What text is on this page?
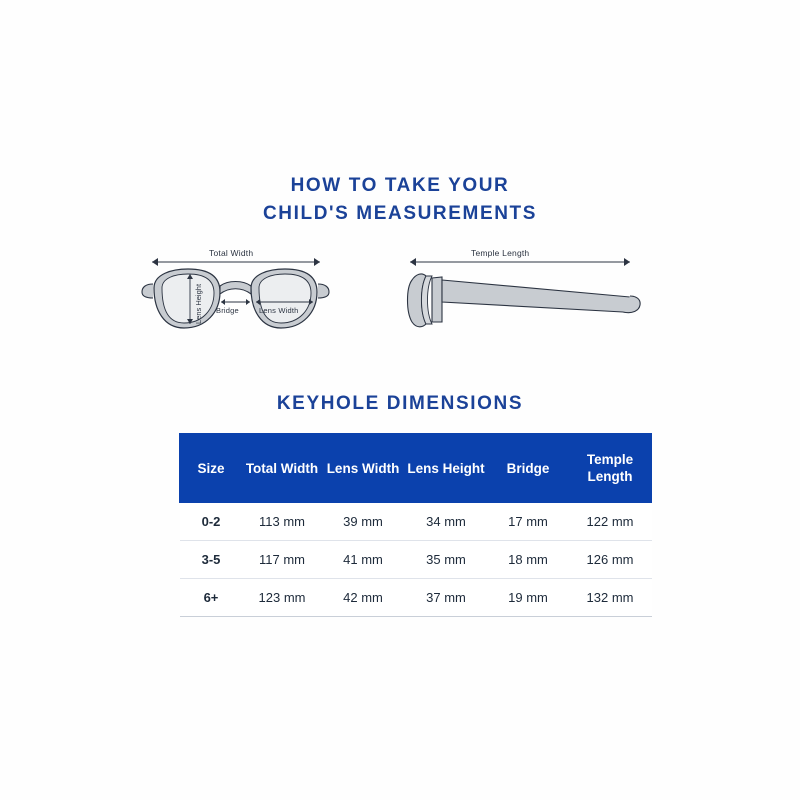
HOW TO TAKE YOUR
CHILD'S MEASUREMENTS
Total Width
Lens Height Bridge	Lens Width
Temple Length
KEYHOLE DIMENSIONS
Size	Total Width	Lens Width	Lens Height	Bridge	Temple Length
0-2	113 mm	39 mm	34 mm	17 mm	122 mm
3-5	117 mm	41 mm	35 mm	18 mm	126 mm
6+	123 mm	42 mm	37 mm	19 mm	132 mm
